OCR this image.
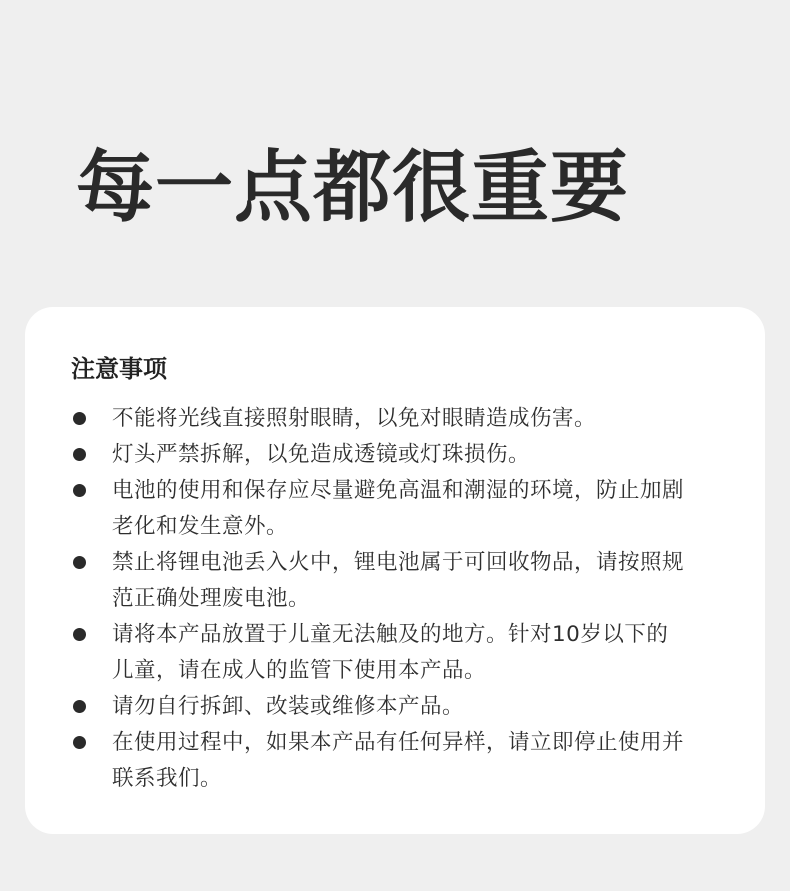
每一点都很重要
注意事项
不能将光线直接照射眼睛，以免对眼睛造成伤害。
灯头严禁拆解，以免造成透镜或灯珠损伤。
电池的使用和保存应尽量避免高温和潮湿的环境，防止加剧
老化和发生意外。
禁止将锂电池丢入火中，锂电池属于可回收物品，请按照规
范正确处理废电池。
请将本产品放置于儿童无法触及的地方。针对10岁以下的
儿童，请在成人的监管下使用本产品。
请勿自行拆卸、改装或维修本产品。
在使用过程中，如果本产品有任何异样，请立即停止使用并
联系我们。
